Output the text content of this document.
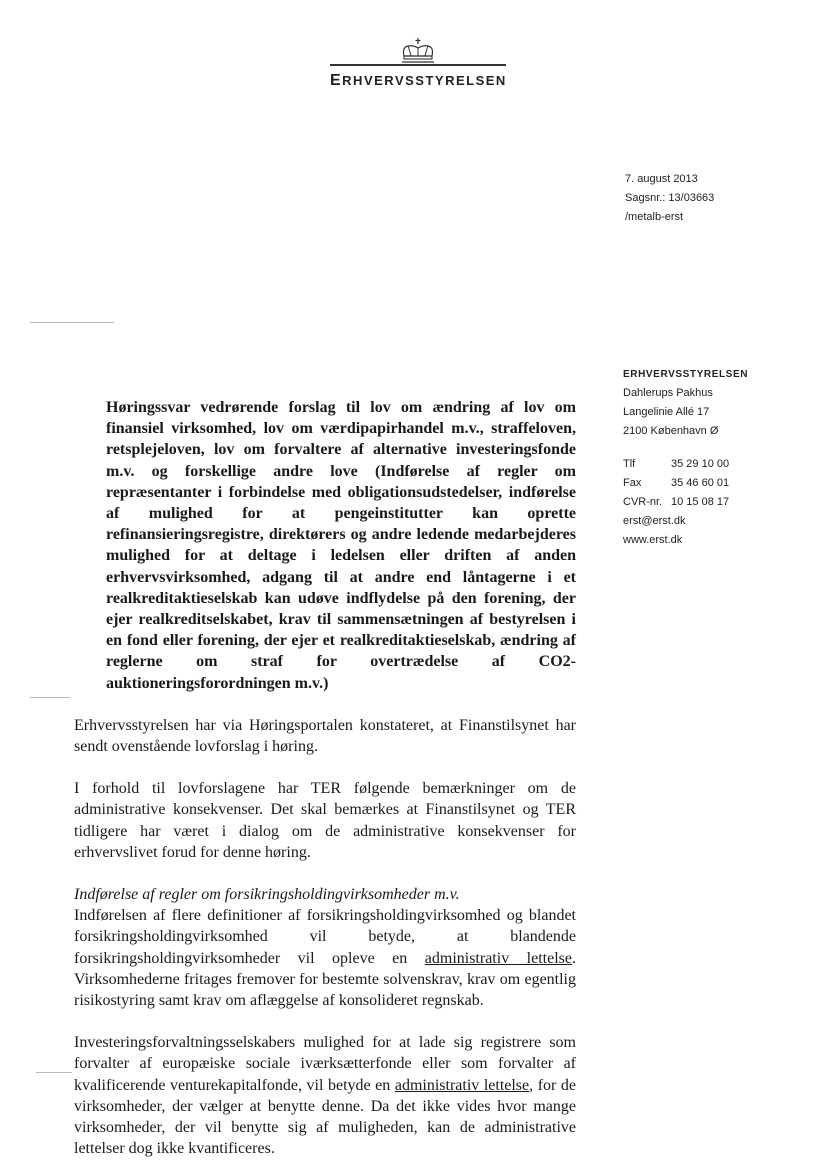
ERHVERVSSTYRELSEN
7. august 2013
Sagsnr.: 13/03663
/metalb-erst
ERHVERVSSTYRELSEN
Dahlerups Pakhus
Langelinie Allé 17
2100 København Ø
Tlf	35 29 10 00
Fax	35 46 60 01
CVR-nr. 10 15 08 17
erst@erst.dk
www.erst.dk

Høringssvar vedrørende forslag til lov om ændring af lov om finansiel virksomhed, lov om værdipapirhandel m.v., straffeloven, retsplejeloven, lov om forvaltere af alternative investeringsfonde m.v. og forskellige andre love (Indførelse af regler om repræsentanter i forbindelse med obligationsudstedelser, indførelse af mulighed for at pengeinstitutter kan oprette refinansieringsregistre, direktørers og andre ledende medarbejderes mulighed for at deltage i ledelsen eller driften af anden erhvervsvirksomhed, adgang til at andre end låntagerne i et realkreditaktieselskab kan udøve indflydelse på den forening, der ejer realkreditselskabet, krav til sammensætningen af bestyrelsen i en fond eller forening, der ejer et realkreditaktieselskab, ændring af reglerne om straf for overtrædelse af CO2-auktioneringsforordningen m.v.)

Erhvervsstyrelsen har via Høringsportalen konstateret, at Finanstilsynet har sendt ovenstående lovforslag i høring.

I forhold til lovforslagene har TER følgende bemærkninger om de administrative konsekvenser. Det skal bemærkes at Finanstilsynet og TER tidligere har været i dialog om de administrative konsekvenser for erhvervslivet forud for denne høring.

Indførelse af regler om forsikringsholdingvirksomheder m.v.

Indførelsen af flere definitioner af forsikringsholdingvirksomhed og blandet forsikringsholdingvirksomhed vil betyde, at blandende forsikringsholdingvirksomheder vil opleve en administrativ lettelse. Virksomhederne fritages fremover for bestemte solvenskrav, krav om egentlig risikostyring samt krav om aflæggelse af konsolideret regnskab.

Investeringsforvaltningsselskabers mulighed for at lade sig registrere som forvalter af europæiske sociale iværksætterfonde eller som forvalter af kvalificerende venturekapitalfonde, vil betyde en administrativ lettelse, for de virksomheder, der vælger at benytte denne. Da det ikke vides hvor mange virksomheder, der vil benytte sig af muligheden, kan de administrative lettelser dog ikke kvantificeres.
